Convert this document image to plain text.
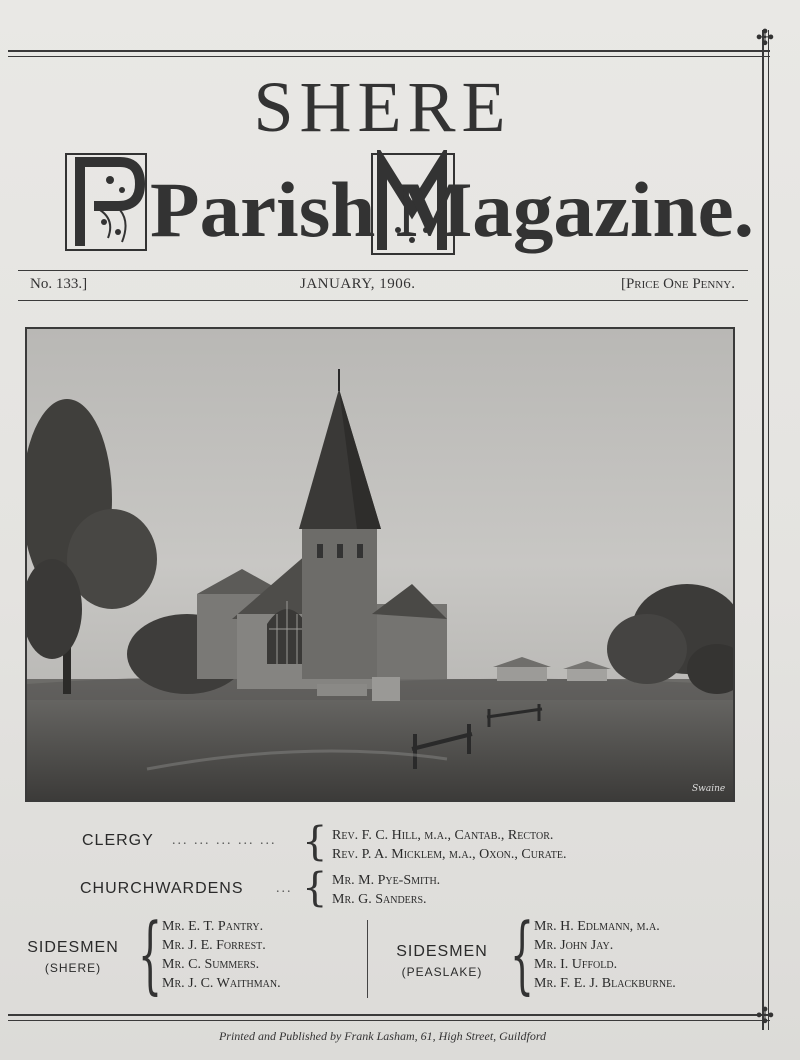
✣
✣
SHERE
Parish Magazine.
No. 133.]	JANUARY, 1906.	[Price One Penny.
Swaine
CLERGY ... ... ... ... ... { Rev. F. C. Hill, m.a., Cantab., Rector.
Rev. P. A. Micklem, m.a., Oxon., Curate.
CHURCHWARDENS ... { Mr. M. Pye-Smith.
Mr. G. Sanders.
SIDESMEN
(SHERE) { Mr. E. T. Pantry.
Mr. J. E. Forrest.
Mr. C. Summers.
Mr. J. C. Waithman.
SIDESMEN
(PEASLAKE) { Mr. H. Edlmann, m.a.
Mr. John Jay.
Mr. I. Uffold.
Mr. F. E. J. Blackburne.
Printed and Published by Frank Lasham, 61, High Street, Guildford
